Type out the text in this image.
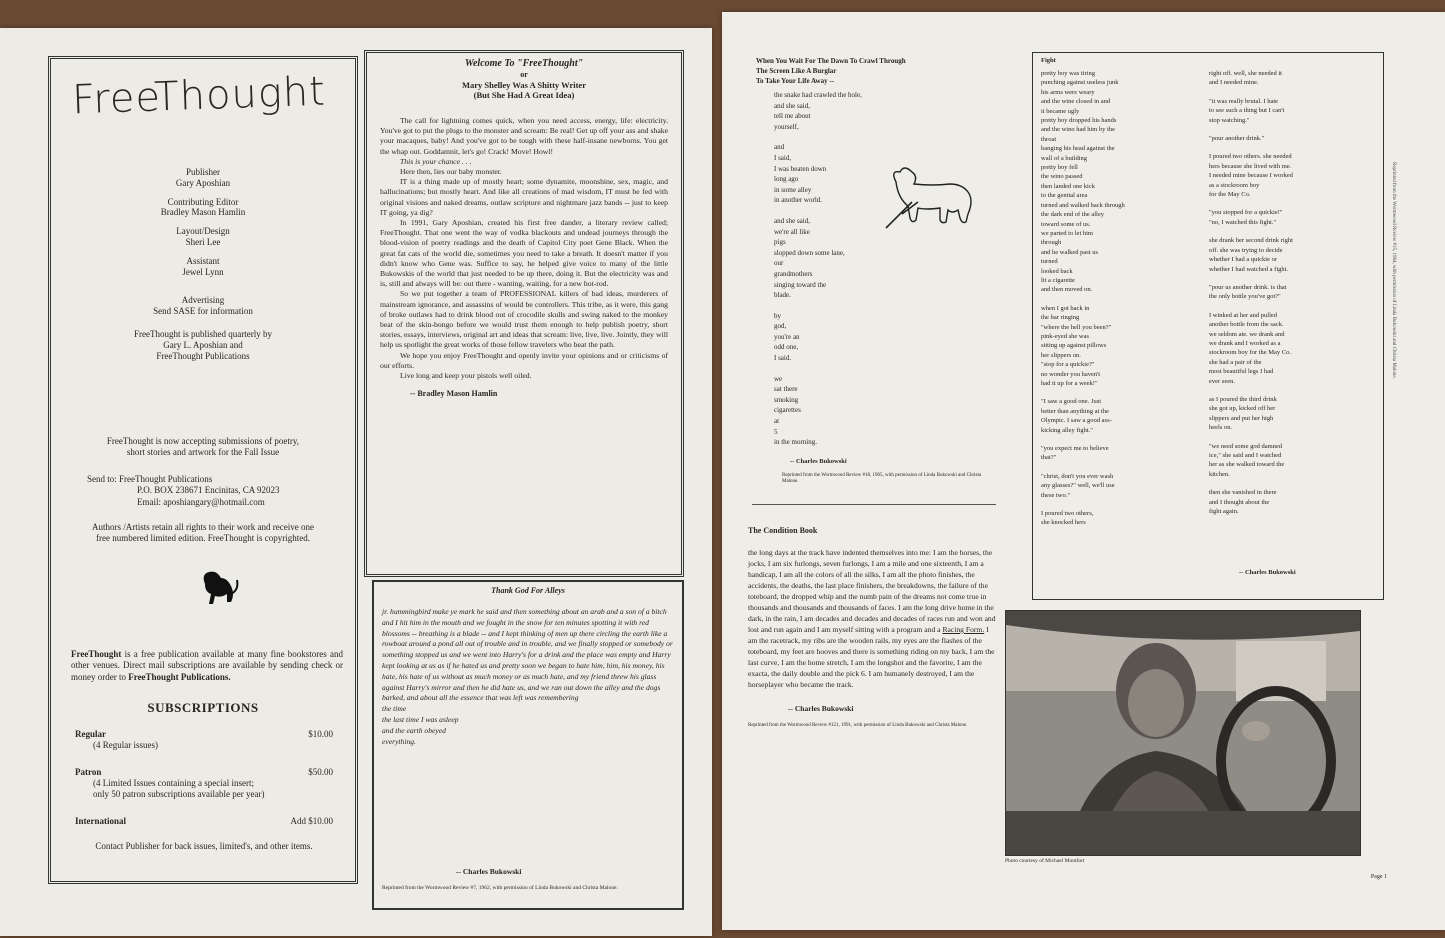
FreeThought
Publisher
Gary Aposhian
Contributing Editor
Bradley Mason Hamlin
Layout/Design
Sheri Lee
Assistant
Jewel Lynn
Advertising
Send SASE for information
FreeThought is published quarterly by
Gary L. Aposhian and
FreeThought Publications
FreeThought is now accepting submissions of poetry,
short stories and artwork for the Fall Issue
Send to: FreeThought Publications
P.O. BOX 238671 Encinitas, CA 92023
Email: aposhiangary@hotmail.com
Authors /Artists retain all rights to their work and receive one
free numbered limited edition. FreeThought is copyrighted.
FreeThought is a free publication available at many fine bookstores and other venues. Direct mail subscriptions are available by sending check or money order to FreeThought Publications.
SUBSCRIPTIONS
Regular	$10.00
(4 Regular issues)
Patron	$50.00
(4 Limited Issues containing a special insert;
only 50 patron subscriptions available per year)
International	Add $10.00
Contact Publisher for back issues, limited's, and other items.
Welcome To "FreeThought"
or
Mary Shelley Was A Shitty Writer
(But She Had A Great Idea)

The call for lightning comes quick, when you need access, energy, life: electricity. You've got to put the plugs to the monster and scream: Be real! Get up off your ass and shake your macaques, baby! And you've got to be tough with these half-insane newborns. You get the whap out. Goddamnit, let's go! Crack! Move! Howl!

This is your chance . . .

Here then, lies our baby monster.

IT is a thing made up of mostly heart; some dynamite, moonshine, sex, magic, and hallucinations; but mostly heart. And like all creations of mad wisdom, IT must be fed with original visions and naked dreams, outlaw scripture and nightmare jazz bands -- just to keep IT going, ya dig?

In 1991, Gary Aposhian, created his first free dander, a literary review called; FreeThought. That one went the way of vodka blackouts and undead journeys through the blood-vision of poetry readings and the death of Capitol City poet Gene Black. When the great fat cats of the world die, sometimes you need to take a breath. It doesn't matter if you didn't know who Gene was. Suffice to say, he helped give voice to many of the little Bukowskis of the world that just needed to be up there, doing it. But the electricity was and is, still and always will be: out there - wanting, waiting, for a new hot-rod.

So we put together a team of PROFESSIONAL killers of bad ideas, murderers of mainstream ignorance, and assassins of would be controllers. This tribe, as it were, this gang of broke outlaws had to drink blood out of crocodile skulls and swing naked to the monkey beat of the skin-bongo before we would trust them enough to help publish poetry, short stories, essays, interviews, original art and ideas that scream: live, live, live. Jointly, they will help us spotlight the great works of those fellow travelers who beat the path.

We hope you enjoy FreeThought and openly invite your opinions and or criticisms of our efforts.

Live long and keep your pistols well oiled.

-- Bradley Mason Hamlin
Thank God For Alleys
jr. hummingbird make ye mark he said and then something about an arab and a son of a bitch and I hit him in the mouth and we fought in the snow for ten minutes spotting it with red blossoms -- breathing is a blade -- and I kept thinking of men up there circling the earth like a rowboat around a pond all out of trouble and in trouble, and we finally stopped or somebody or something stopped us and we went into Harry's for a drink and the place was empty and Harry kept looking at us as if he hated us and pretty soon we began to hate him, him, his money, his hate, his hate of us without as much money or as much hate, and my friend threw his glass against Harry's mirror and then he did hate us, and we ran out down the alley and the dogs barked, and about all the essence that was left was remembering
the time
the last time I was asleep
and the earth obeyed
everything.
-- Charles Bukowski
Reprinted from the Wormwood Review #7, 1962, with permission of Linda Bukowski and Christa Malone.
When You Wait For The Dawn To Crawl Through
The Screen Like A Burglar
To Take Your Life Away --

the snake had crawled the hole,

and she said,

tell me about

yourself,

and

I said,

I was beaten down

long ago

in some alley

in another world.

and she said,

we're all like

pigs

slopped down some lane,

our

grandmothers

singing toward the

blade.

by

god,

you're an

odd one,

I said.

we

sat there

smoking

cigarettes

at

5

in the morning.

-- Charles Bukowski
Reprinted from the Wormwood Review #18, 1965, with permission of Linda Bukowski and Christa Malone.
Fight

pretty boy was tiring

punching against useless junk

his arms were weary

and the wine closed in and

it became ugly

pretty boy dropped his hands

and the wino had him by the

throat

banging his head against the

wall of a building

pretty boy fell

the wino passed

then landed one kick

to the genital area

turned and walked back through

the dark end of the alley

toward some of us.

we parted to let him

through

and he walked past us

turned

looked back

lit a cigarette

and then moved on.

when I got back in

the bar ringing

"where the hell you been?"

pink-eyed she was

sitting up against pillows

her slippers on.

"stop for a quickie?"

no wonder you haven't

had it up for a week!"

"I saw a good one. Just

better than anything at the

Olympic. I saw a good ass-

kicking alley fight."

"you expect me to believe

that?"

"christ, don't you ever wash

any glasses?" well, we'll use

these two."

I poured two others,

she knocked hers

right off. well, she needed it

and I needed mine.

"it was really brutal. I hate

to see such a thing but I can't

stop watching."

"pour another drink."

I poured two others. she needed

hers because she lived with me.

I needed mine because I worked

as a stockroom boy

for the May Co.

"you stopped for a quickie!"

"no, I watched this fight."

she drank her second drink right

off. she was trying to decide

whether I had a quickie or

whether I had watched a fight.

"pour us another drink. is that

the only bottle you've got?"

I winked at her and pulled

another bottle from the sack.

we seldom ate. we drank and

we drank and I worked as a

stockroom boy for the May Co.

she had a pair of the

most beautiful legs I had

ever seen.

as I poured the third drink

she got up, kicked off her

slippers and put her high

heels on.

"we need some god damned

ice," she said and I watched

her as she walked toward the

kitchen.

then she vanished in there

and I thought about the

fight again.

-- Charles Bukowski
Reprinted from the Wormwood Review #15, 1964, with permission of Linda Bukowski and Christa Malone.
The Condition Book
the long days at the track have indented themselves into me: I am the horses, the jocks, I am six furlongs, seven furlongs, I am a mile and one sixteenth, I am a handicap, I am all the colors of all the silks, I am all the photo finishes, the accidents, the deaths, the last place finishers, the breakdowns, the failure of the toteboard, the dropped whip and the numb pain of the dreams not come true in thousands and thousands and thousands of faces. I am the long drive home in the dark, in the rain, I am decades and decades and decades of races run and won and lost and run again and I am myself sitting with a program and a Racing Form. I am the racetrack, my ribs are the wooden rails, my eyes are the flashes of the toteboard, my feet are hooves and there is something riding on my back, I am the last curve, I am the home stretch, I am the longshot and the favorite, I am the exacta, the daily double and the pick 6. I am humanely destroyed, I am the horseplayer who became the track.
-- Charles Bukowski
Reprinted from the Wormwood Review #121, 1991, with permission of Linda Bukowski and Christa Malone.
Photo courtesy of Michael Montfort
Page 1
